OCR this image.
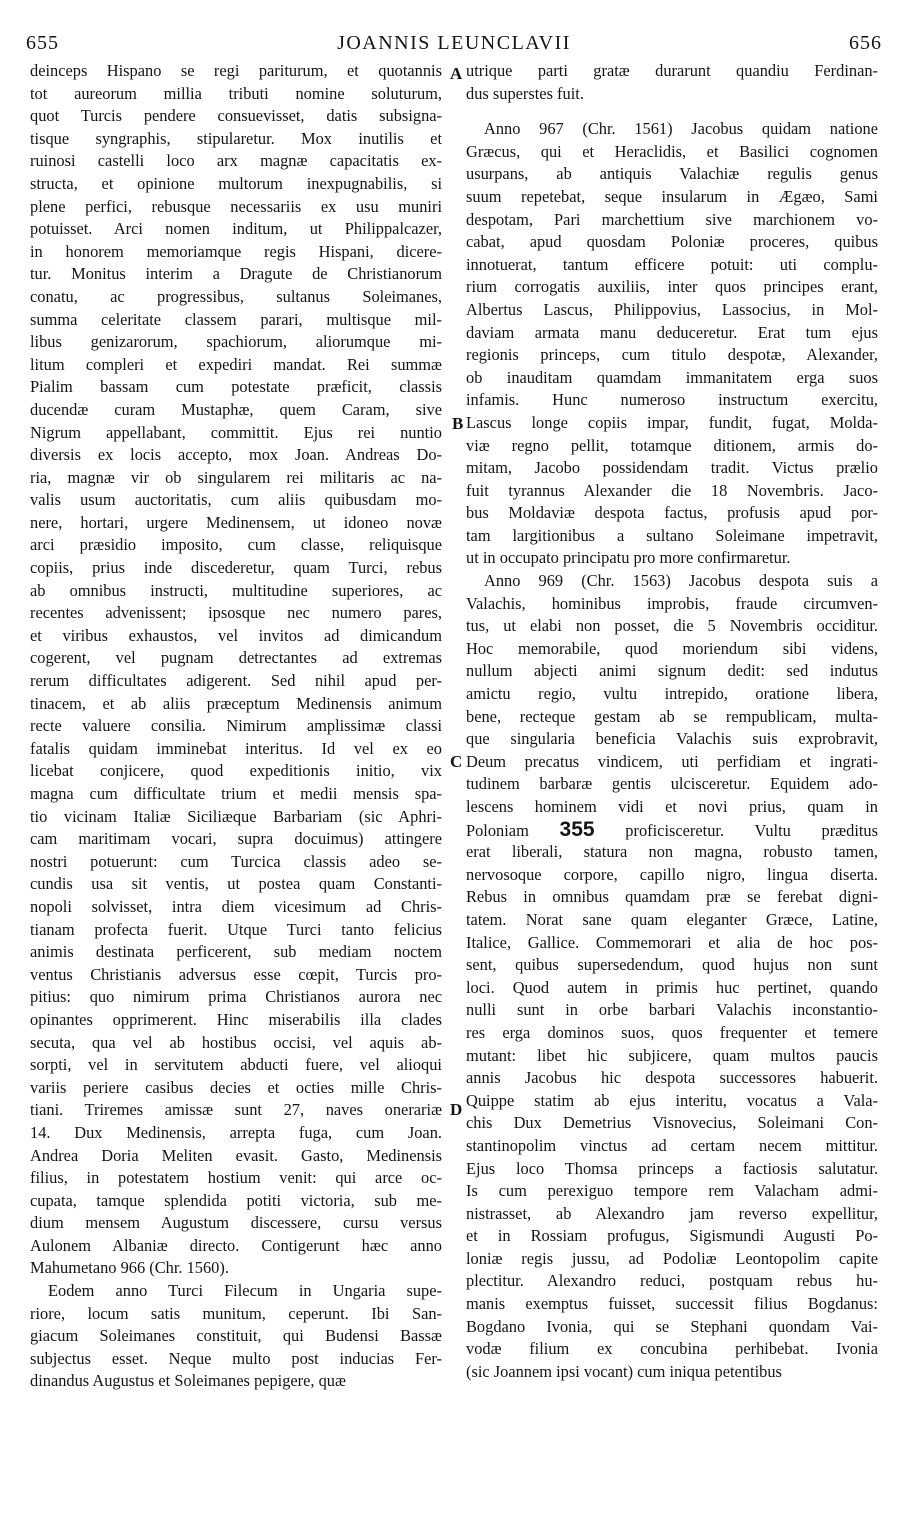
655	JOANNIS LEUNCLAVII	656
deinceps Hispano se regi pariturum, et quotannis
tot aureorum millia tributi nomine soluturum,
quot Turcis pendere consuevisset, datis subsigna-
tisque syngraphis, stipularetur. Mox inutilis et
ruinosi castelli loco arx magnæ capacitatis ex-
structa, et opinione multorum inexpugnabilis, si
plene perfici, rebusque necessariis ex usu muniri
potuisset. Arci nomen inditum, ut Philippalcazer,
in honorem memoriamque regis Hispani, dicere-
tur. Monitus interim a Dragute de Christianorum
conatu, ac progressibus, sultanus Soleimanes,
summa celeritate classem parari, multisque mil-
libus genizarorum, spachiorum, aliorumque mi-
litum compleri et expediri mandat. Rei summæ
Pialim bassam cum potestate præficit, classis
ducendæ curam Mustaphæ, quem Caram, sive
Nigrum appellabant, committit. Ejus rei nuntio
diversis ex locis accepto, mox Joan. Andreas Do-
ria, magnæ vir ob singularem rei militaris ac na-
valis usum auctoritatis, cum aliis quibusdam mo-
nere, hortari, urgere Medinensem, ut idoneo novæ
arci præsidio imposito, cum classe, reliquisque
copiis, prius inde discederetur, quam Turci, rebus
ab omnibus instructi, multitudine superiores, ac
recentes advenissent; ipsosque nec numero pares,
et viribus exhaustos, vel invitos ad dimicandum
cogerent, vel pugnam detrectantes ad extremas
rerum difficultates adigerent. Sed nihil apud per-
tinacem, et ab aliis præceptum Medinensis animum
recte valuere consilia. Nimirum amplissimæ classi
fatalis quidam imminebat interitus. Id vel ex eo
licebat conjicere, quod expeditionis initio, vix
magna cum difficultate trium et medii mensis spa-
tio vicinam Italiæ Siciliæque Barbariam (sic Aphri-
cam maritimam vocari, supra docuimus) attingere
nostri potuerunt: cum Turcica classis adeo se-
cundis usa sit ventis, ut postea quam Constanti-
nopoli solvisset, intra diem vicesimum ad Chris-
tianam profecta fuerit. Utque Turci tanto felicius
animis destinata perficerent, sub mediam noctem
ventus Christianis adversus esse cœpit, Turcis pro-
pitius: quo nimirum prima Christianos aurora nec
opinantes opprimerent. Hinc miserabilis illa clades
secuta, qua vel ab hostibus occisi, vel aquis ab-
sorpti, vel in servitutem abducti fuere, vel alioqui
variis periere casibus decies et octies mille Chris-
tiani. Triremes amissæ sunt 27, naves onerariæ
14. Dux Medinensis, arrepta fuga, cum Joan.
Andrea Doria Meliten evasit. Gasto, Medinensis
filius, in potestatem hostium venit: qui arce oc-
cupata, tamque splendida potiti victoria, sub me-
dium mensem Augustum discessere, cursu versus
Aulonem Albaniæ directo. Contigerunt hæc anno
Mahumetano 966 (Chr. 1560).
Eodem anno Turci Filecum in Ungaria supe-
riore, locum satis munitum, ceperunt. Ibi San-
giacum Soleimanes constituit, qui Budensi Bassæ
subjectus esset. Neque multo post inducias Fer-
dinandus Augustus et Soleimanes pepigere, quæ
utrique parti gratæ durarunt quandiu Ferdinan-
dus superstes fuit.
Anno 967 (Chr. 1561) Jacobus quidam natione
Græcus, qui et Heraclidis, et Basilici cognomen
usurpans, ab antiquis Valachiæ regulis genus
suum repetebat, seque insularum in Ægæo, Sami
despotam, Pari marchettium sive marchionem vo-
cabat, apud quosdam Poloniæ proceres, quibus
innotuerat, tantum efficere potuit: uti complu-
rium corrogatis auxiliis, inter quos principes erant,
Albertus Lascus, Philippovius, Lassocius, in Mol-
daviam armata manu deduceretur. Erat tum ejus
regionis princeps, cum titulo despotæ, Alexander,
ob inauditam quamdam immanitatem erga suos
infamis. Hunc numeroso instructum exercitu,
Lascus longe copiis impar, fundit, fugat, Molda-
viæ regno pellit, totamque ditionem, armis do-
mitam, Jacobo possidendam tradit. Victus prælio
fuit tyrannus Alexander die 18 Novembris. Jaco-
bus Moldaviæ despota factus, profusis apud por-
tam largitionibus a sultano Soleimane impetravit,
ut in occupato principatu pro more confirmaretur.
Anno 969 (Chr. 1563) Jacobus despota suis a
Valachis, hominibus improbis, fraude circumven-
tus, ut elabi non posset, die 5 Novembris occiditur.
Hoc memorabile, quod moriendum sibi videns,
nullum abjecti animi signum dedit: sed indutus
amictu regio, vultu intrepido, oratione libera,
bene, recteque gestam ab se rempublicam, multa-
que singularia beneficia Valachis suis exprobravit,
Deum precatus vindicem, uti perfidiam et ingrati-
tudinem barbaræ gentis ulcisceretur. Equidem ado-
lescens hominem vidi et novi prius, quam in
Poloniam 355 proficisceretur. Vultu præditus
erat liberali, statura non magna, robusto tamen,
nervosoque corpore, capillo nigro, lingua diserta.
Rebus in omnibus quamdam præ se ferebat digni-
tatem. Norat sane quam eleganter Græce, Latine,
Italice, Gallice. Commemorari et alia de hoc pos-
sent, quibus supersedendum, quod hujus non sunt
loci. Quod autem in primis huc pertinet, quando
nulli sunt in orbe barbari Valachis inconstantio-
res erga dominos suos, quos frequenter et temere
mutant: libet hic subjicere, quam multos paucis
annis Jacobus hic despota successores habuerit.
Quippe statim ab ejus interitu, vocatus a Vala-
chis Dux Demetrius Visnovecius, Soleimani Con-
stantinopolim vinctus ad certam necem mittitur.
Ejus loco Thomsa princeps a factiosis salutatur.
Is cum perexiguo tempore rem Valacham admi-
nistrasset, ab Alexandro jam reverso expellitur,
et in Rossiam profugus, Sigismundi Augusti Po-
loniæ regis jussu, ad Podoliæ Leontopolim capite
plectitur. Alexandro reduci, postquam rebus hu-
manis exemptus fuisset, successit filius Bogdanus:
Bogdano Ivonia, qui se Stephani quondam Vai-
vodæ filium ex concubina perhibebat. Ivonia
(sic Joannem ipsi vocant) cum iniqua petentibus
A
B
C
D
